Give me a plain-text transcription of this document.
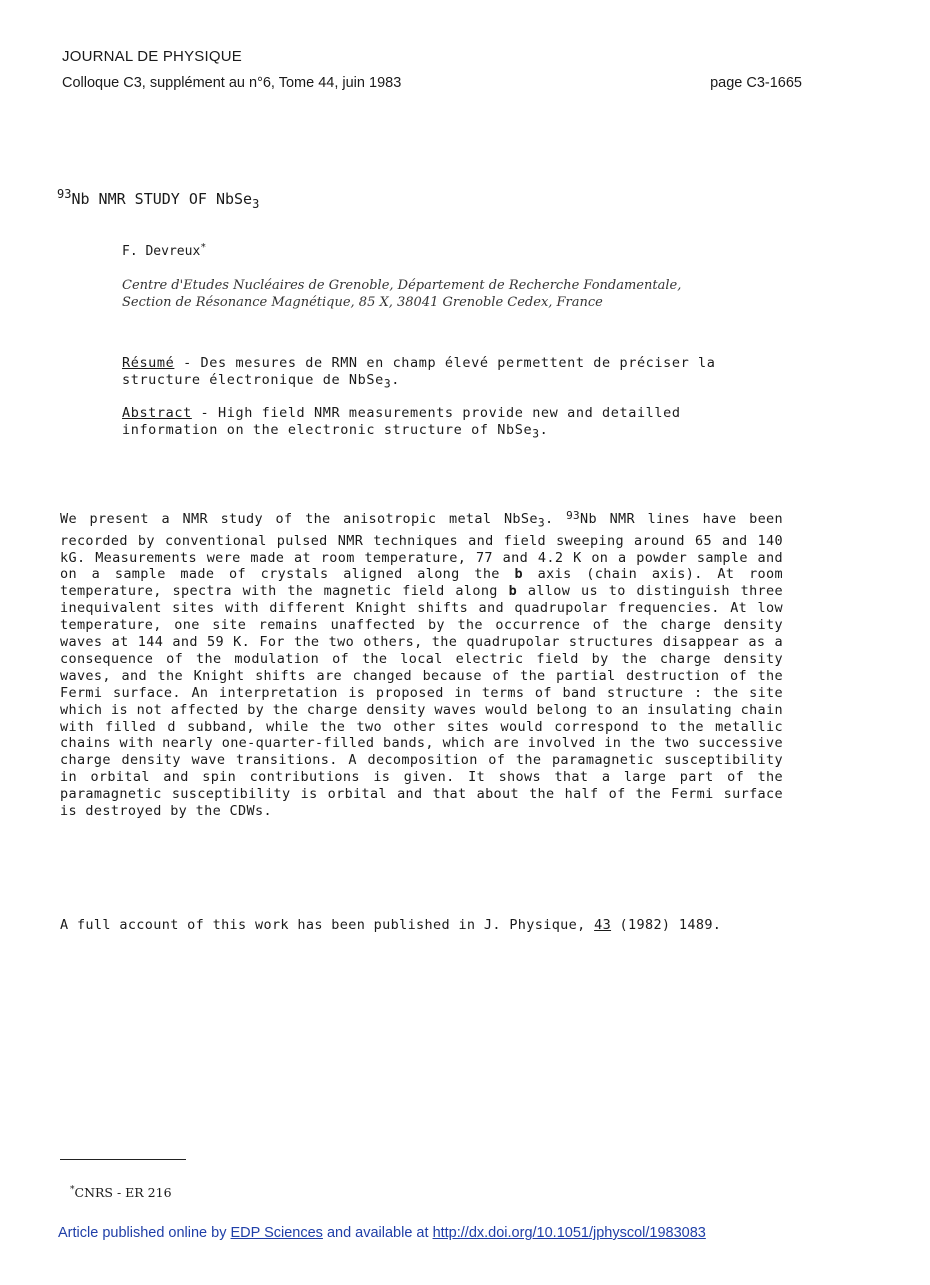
JOURNAL DE PHYSIQUE
Colloque C3, supplément au n°6, Tome 44, juin 1983	page C3-1665
$^{93}$Nb NMR STUDY OF NbSe$_3$
F. Devreux*
Centre d'Etudes Nucléaires de Grenoble, Département de Recherche Fondamentale,
Section de Résonance Magnétique, 85 X, 38041 Grenoble Cedex, France
Résumé - Des mesures de RMN en champ élevé permettent de préciser la structure électronique de NbSe$_3$.
Abstract - High field NMR measurements provide new and detailled information on the electronic structure of NbSe$_3$.
We present a NMR study of the anisotropic metal NbSe$_3$. $^{93}$Nb NMR lines have been recorded by conventional pulsed NMR techniques and field sweeping around 65 and 140 kG. Measurements were made at room temperature, 77 and 4.2 K on a powder sample and on a sample made of crystals aligned along the b axis (chain axis). At room temperature, spectra with the magnetic field along b allow us to distinguish three inequivalent sites with different Knight shifts and quadrupolar frequencies. At low temperature, one site remains unaffected by the occurrence of the charge density waves at 144 and 59 K. For the two others, the quadrupolar structures disappear as a consequence of the modulation of the local electric field by the charge density waves, and the Knight shifts are changed because of the partial destruction of the Fermi surface. An interpretation is proposed in terms of band structure : the site which is not affected by the charge density waves would belong to an insulating chain with filled d subband, while the two other sites would correspond to the metallic chains with nearly one-quarter-filled bands, which are involved in the two successive charge density wave transitions. A decomposition of the paramagnetic susceptibility in orbital and spin contributions is given. It shows that a large part of the paramagnetic susceptibility is orbital and that about the half of the Fermi surface is destroyed by the CDWs.
A full account of this work has been published in J. Physique, 43 (1982) 1489.
*CNRS - ER 216
Article published online by EDP Sciences and available at http://dx.doi.org/10.1051/jphyscol/1983083
